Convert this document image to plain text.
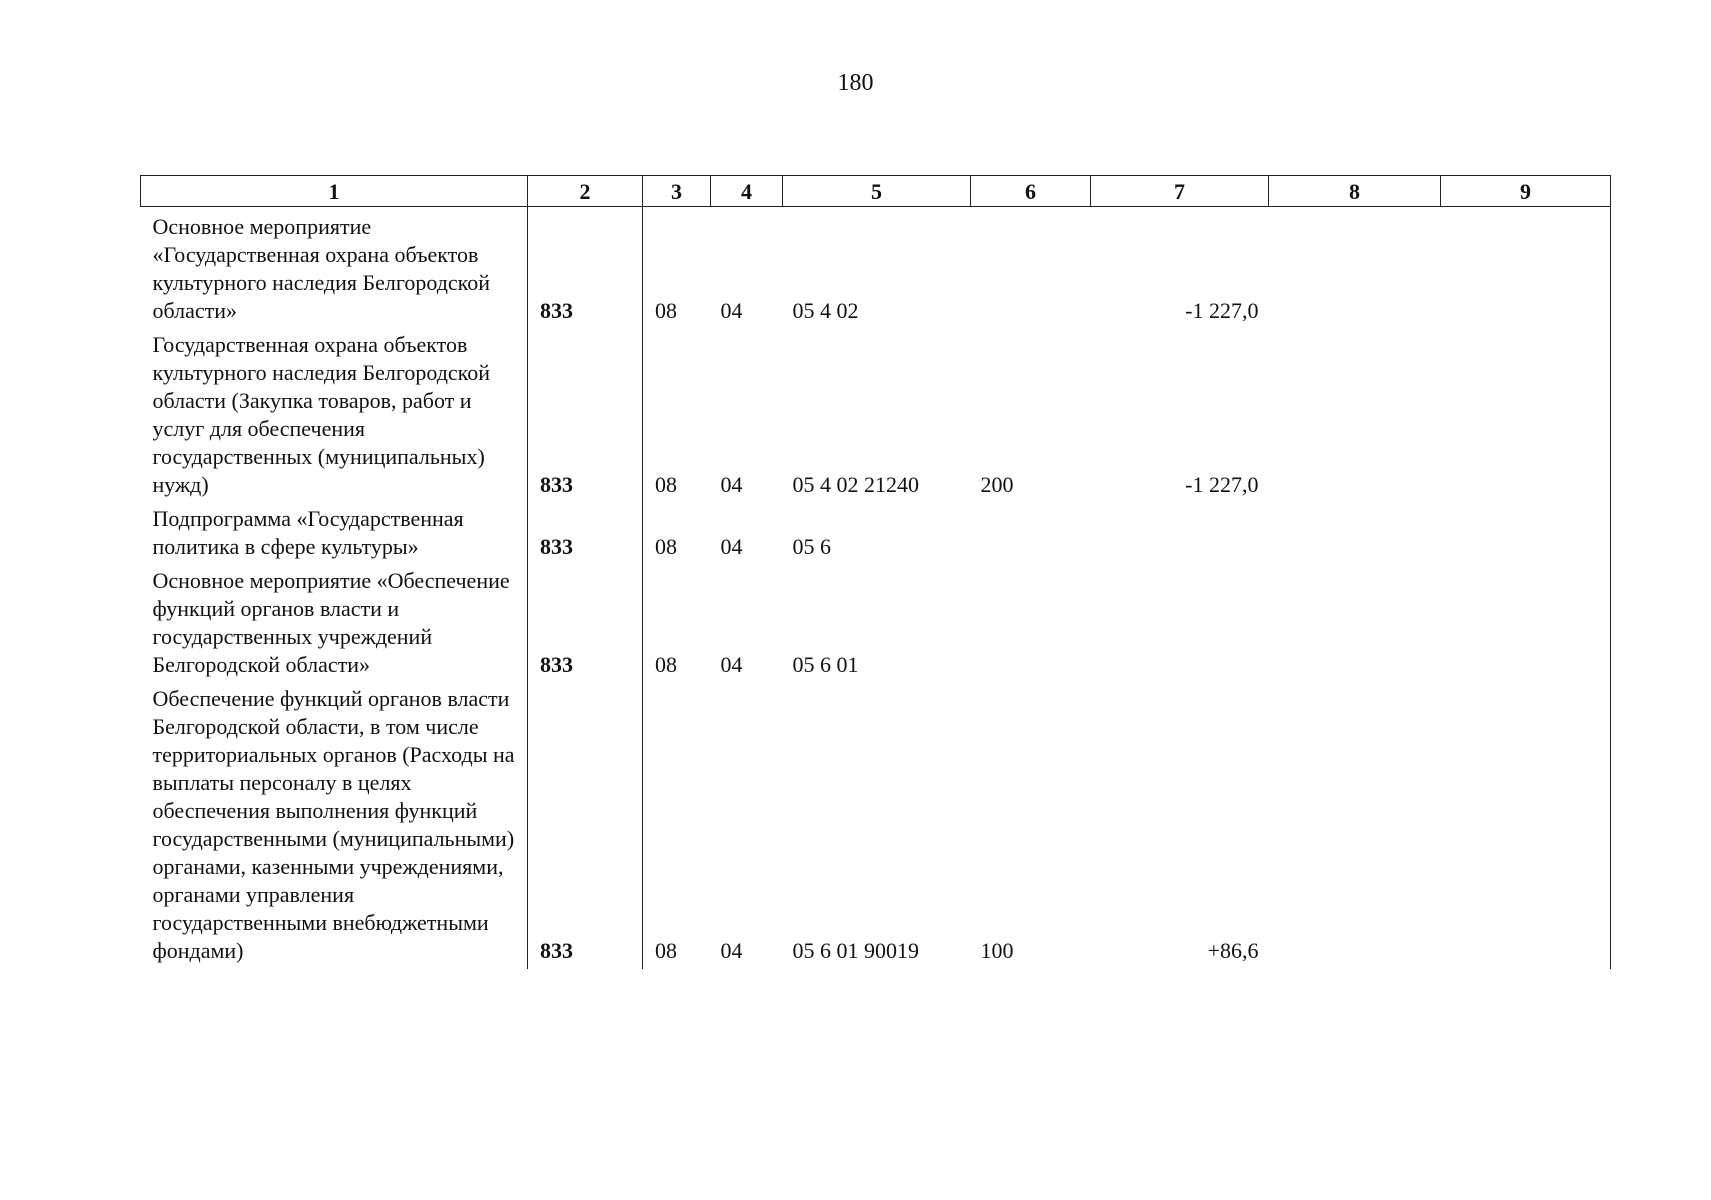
180
1	2	3	4	5	6	7	8	9
Основное мероприятие «Государственная охрана объектов культурного наследия Белгородской области»	833	08	04	05 4 02		-1 227,0		
Государственная охрана объектов культурного наследия Белгородской области (Закупка товаров, работ и услуг для обеспечения государственных (муниципальных) нужд)	833	08	04	05 4 02 21240	200	-1 227,0		
Подпрограмма «Государственная политика в сфере культуры»	833	08	04	05 6				
Основное мероприятие «Обеспечение функций органов власти и государственных учреждений Белгородской области»	833	08	04	05 6 01				
Обеспечение функций органов власти Белгородской области, в том числе территориальных органов (Расходы на выплаты персоналу в целях обеспечения выполнения функций государственными (муниципальными) органами, казенными учреждениями, органами управления государственными внебюджетными фондами)	833	08	04	05 6 01 90019	100	+86,6		
